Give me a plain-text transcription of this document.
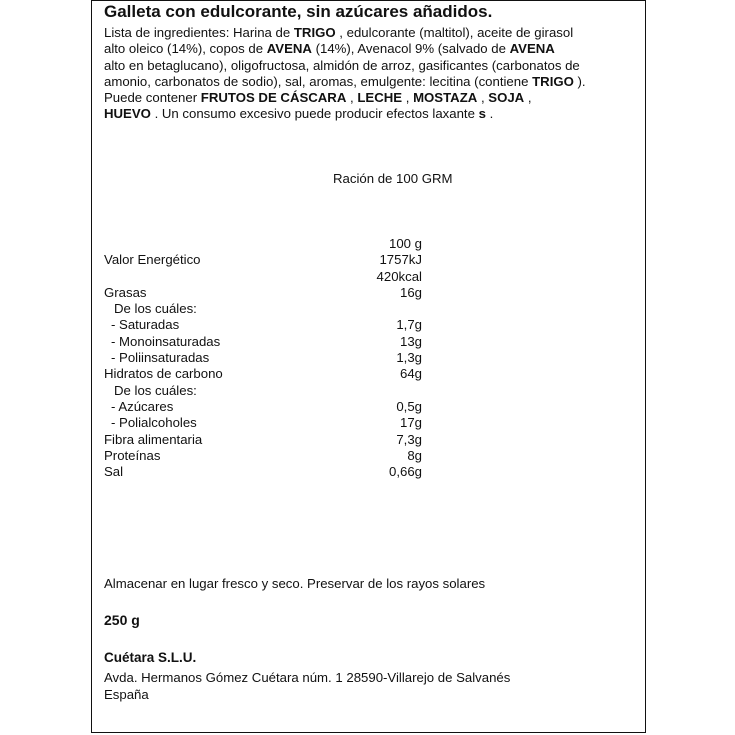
Galleta con edulcorante, sin azúcares añadidos.

Lista de ingredientes: Harina de TRIGO , edulcorante (maltitol), aceite de girasol

alto oleico (14%), copos de AVENA (14%), Avenacol 9% (salvado de AVENA

alto en betaglucano), oligofructosa, almidón de arroz, gasificantes (carbonatos de

amonio, carbonatos de sodio), sal, aromas, emulgente: lecitina (contiene TRIGO ).

Puede contener FRUTOS DE CÁSCARA , LECHE , MOSTAZA , SOJA ,

HUEVO . Un consumo excesivo puede producir efectos laxante s .

Ración de 100 GRM
100 g
Valor Energético	1757kJ
420kcal
Grasas	16g
De los cuáles:
- Saturadas	1,7g
- Monoinsaturadas	13g
- Poliinsaturadas	1,3g
Hidratos de carbono	64g
De los cuáles:
- Azúcares	0,5g
- Polialcoholes	17g
Fibra alimentaria	7,3g
Proteínas	8g
Sal	0,66g
Almacenar en lugar fresco y seco. Preservar de los rayos solares
250 g
Cuétara S.L.U.
Avda. Hermanos Gómez Cuétara núm. 1 28590-Villarejo de Salvanés
España
